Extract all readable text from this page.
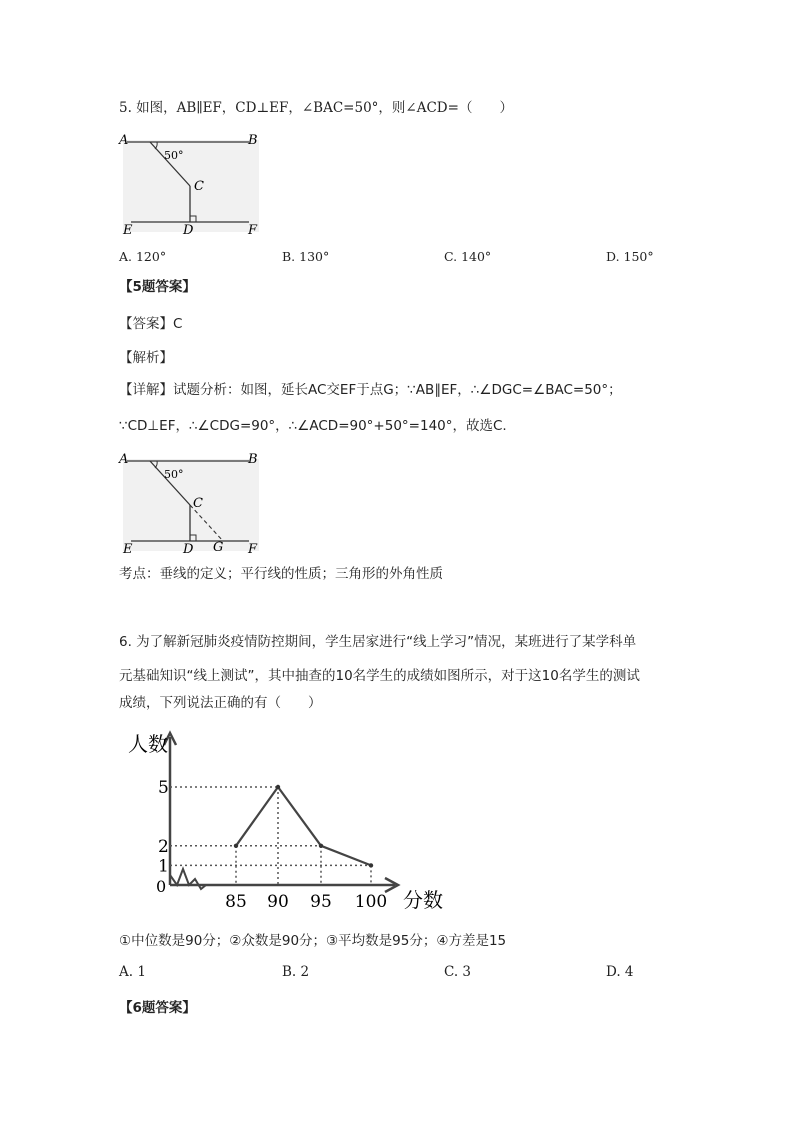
5. 如图，AB∥EF，CD⊥EF，∠BAC=50°，则∠ACD=（　　）
A	B
C
D
E	F
50°
A. 120°	B. 130°	C. 140°	D. 150°
【5题答案】
【答案】C
【解析】
【详解】试题分析：如图，延长AC交EF于点G；∵AB∥EF，∴∠DGC=∠BAC=50°；
∵CD⊥EF，∴∠CDG=90°，∴∠ACD=90°+50°=140°，故选C.
A	B
C
D
E	F
G
50°
考点：垂线的定义；平行线的性质；三角形的外角性质
6. 为了解新冠肺炎疫情防控期间，学生居家进行“线上学习”情况，某班进行了某学科单
元基础知识“线上测试”，其中抽查的10名学生的成绩如图所示，对于这10名学生的测试
成绩，下列说法正确的有（　　）
人数
分数
0
85 90 95 100
1
2
5
①中位数是90分；②众数是90分；③平均数是95分；④方差是15
A. 1	B. 2	C. 3	D. 4
【6题答案】
